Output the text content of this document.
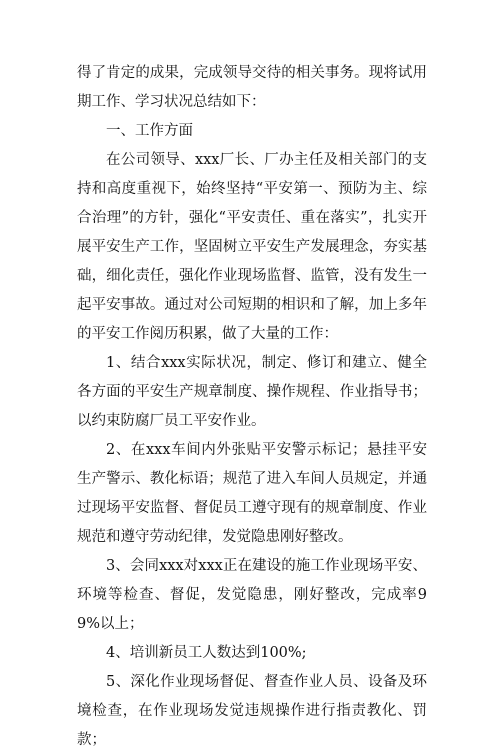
得了肯定的成果，完成领导交待的相关事务。现将试用期工作、学习状况总结如下：

一、工作方面

在公司领导、xxx厂长、厂办主任及相关部门的支持和高度重视下，始终坚持“平安第一、预防为主、综合治理”的方针，强化“平安责任、重在落实”，扎实开展平安生产工作，坚固树立平安生产发展理念，夯实基础，细化责任，强化作业现场监督、监管，没有发生一起平安事故。通过对公司短期的相识和了解，加上多年的平安工作阅历积累，做了大量的工作：

1、结合xxx实际状况，制定、修订和建立、健全各方面的平安生产规章制度、操作规程、作业指导书；以约束防腐厂员工平安作业。

2、在xxx车间内外张贴平安警示标记；悬挂平安生产警示、教化标语；规范了进入车间人员规定，并通过现场平安监督、督促员工遵守现有的规章制度、作业规范和遵守劳动纪律，发觉隐患刚好整改。

3、会同xxx对xxx正在建设的施工作业现场平安、环境等检查、督促，发觉隐患，刚好整改，完成率99%以上；

4、培训新员工人数达到100%;

5、深化作业现场督促、督查作业人员、设备及环境检查，在作业现场发觉违规操作进行指责教化、罚款；
